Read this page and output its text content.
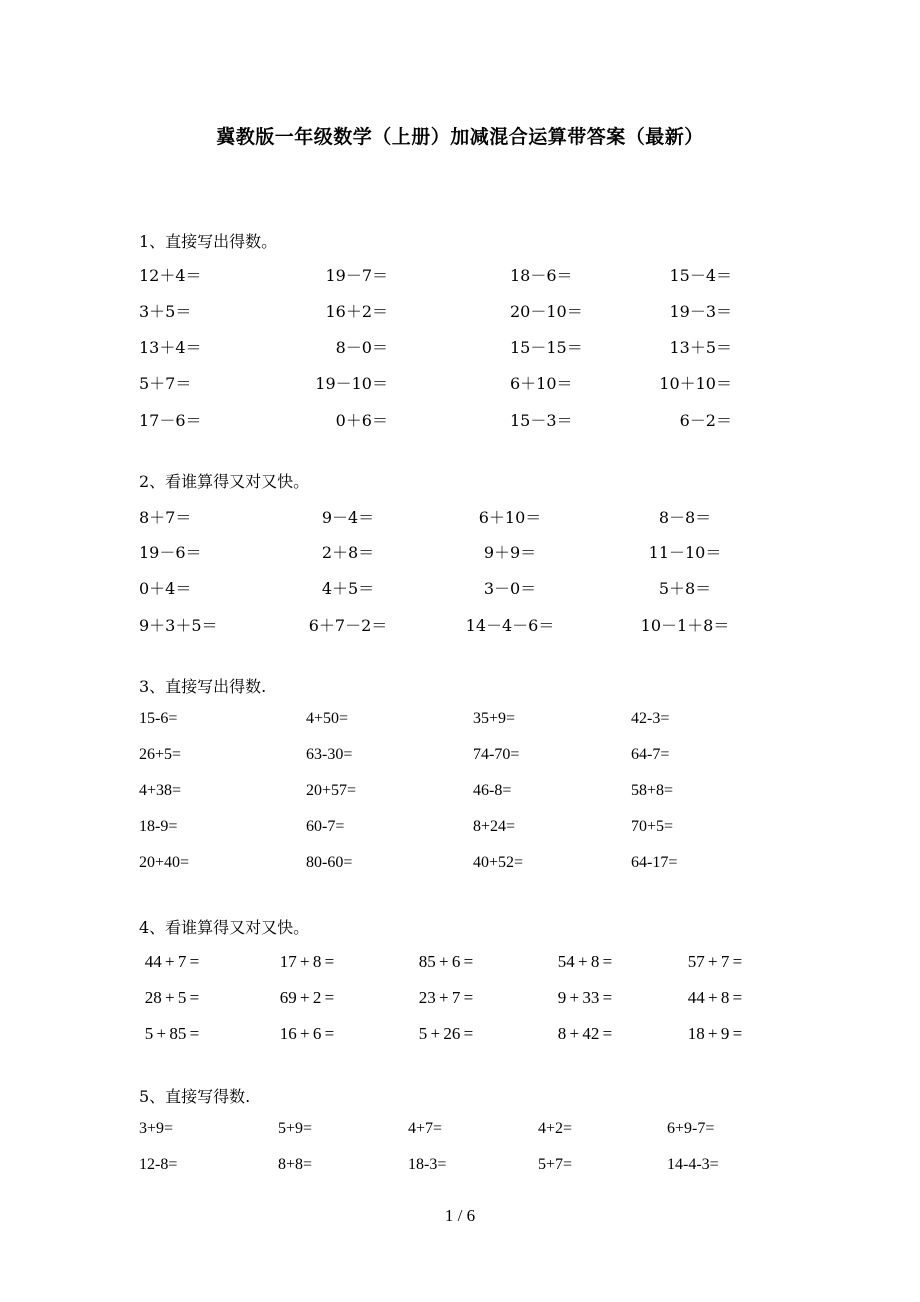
冀教版一年级数学（上册）加减混合运算带答案（最新）
1、直接写出得数。
12＋4＝	19－7＝	18－6＝	15－4＝
3＋5＝	16＋2＝	20－10＝	19－3＝
13＋4＝	8－0＝	15－15＝	13＋5＝
5＋7＝	19－10＝	6＋10＝	10＋10＝
17－6＝	0＋6＝	15－3＝	6－2＝
2、看谁算得又对又快。
8＋7＝	9－4＝	6＋10＝	8－8＝
19－6＝	2＋8＝	9＋9＝	11－10＝
0＋4＝	4＋5＝	3－0＝	5＋8＝
9＋3＋5＝	6＋7－2＝	14－4－6＝	10－1＋8＝
3、直接写出得数.
15-6=	4+50=	35+9=	42-3=
26+5=	63-30=	74-70=	64-7=
4+38=	20+57=	46-8=	58+8=
18-9=	60-7=	8+24=	70+5=
20+40=	80-60=	40+52=	64-17=
4、看谁算得又对又快。
44 + 7 =	17 + 8 =	85 + 6 =	54 + 8 =	57 + 7 =
28 + 5 =	69 + 2 =	23 + 7 =	9 + 33 =	44 + 8 =
5 + 85 =	16 + 6 =	5 + 26 =	8 + 42 =	18 + 9 =
5、直接写得数.
3+9=	5+9=	4+7=	4+2=	6+9-7=
12-8=	8+8=	18-3=	5+7=	14-4-3=
1 / 6
